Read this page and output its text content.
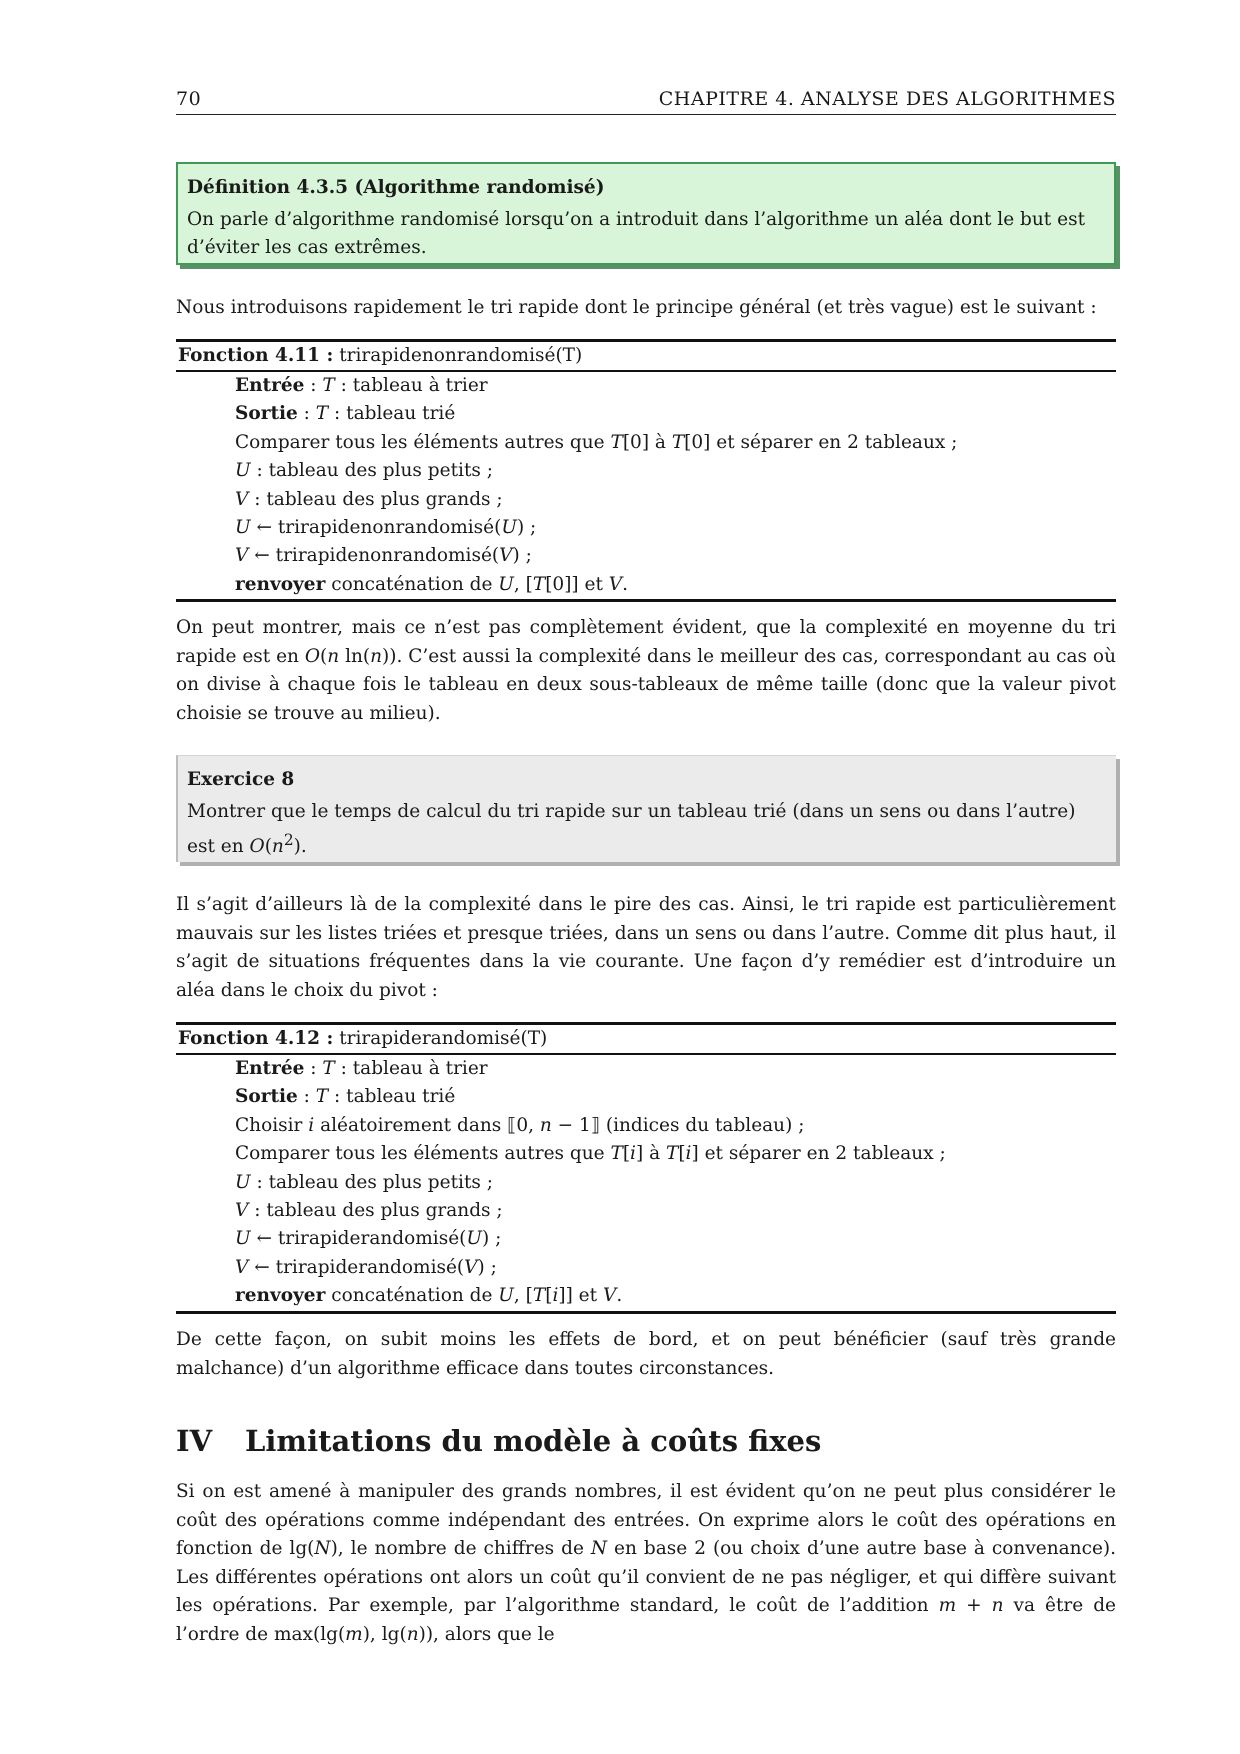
70	CHAPITRE 4. ANALYSE DES ALGORITHMES
Définition 4.3.5 (Algorithme randomisé)
On parle d’algorithme randomisé lorsqu’on a introduit dans l’algorithme un aléa dont le but est d’éviter les cas extrêmes.
Nous introduisons rapidement le tri rapide dont le principe général (et très vague) est le suivant :
Fonction 4.11 : trirapidenonrandomisé(T)
Entrée : T : tableau à trier
Sortie : T : tableau trié
Comparer tous les éléments autres que T[0] à T[0] et séparer en 2 tableaux ;
U : tableau des plus petits ;
V : tableau des plus grands ;
U ← trirapidenonrandomisé(U) ;
V ← trirapidenonrandomisé(V) ;
renvoyer concaténation de U, [T[0]] et V.
On peut montrer, mais ce n’est pas complètement évident, que la complexité en moyenne du tri rapide est en O(n ln(n)). C’est aussi la complexité dans le meilleur des cas, correspondant au cas où on divise à chaque fois le tableau en deux sous-tableaux de même taille (donc que la valeur pivot choisie se trouve au milieu).
Exercice 8
Montrer que le temps de calcul du tri rapide sur un tableau trié (dans un sens ou dans l’autre) est en $O(n^2)$.
Il s’agit d’ailleurs là de la complexité dans le pire des cas. Ainsi, le tri rapide est particulièrement mauvais sur les listes triées et presque triées, dans un sens ou dans l’autre. Comme dit plus haut, il s’agit de situations fréquentes dans la vie courante. Une façon d’y remédier est d’introduire un aléa dans le choix du pivot :
Fonction 4.12 : trirapiderandomisé(T)
Entrée : T : tableau à trier
Sortie : T : tableau trié
Choisir i aléatoirement dans ⟦0, n − 1⟧ (indices du tableau) ;
Comparer tous les éléments autres que T[i] à T[i] et séparer en 2 tableaux ;
U : tableau des plus petits ;
V : tableau des plus grands ;
U ← trirapiderandomisé(U) ;
V ← trirapiderandomisé(V) ;
renvoyer concaténation de U, [T[i]] et V.
De cette façon, on subit moins les effets de bord, et on peut bénéficier (sauf très grande malchance) d’un algorithme efficace dans toutes circonstances.
IV Limitations du modèle à coûts fixes
Si on est amené à manipuler des grands nombres, il est évident qu’on ne peut plus considérer le coût des opérations comme indépendant des entrées. On exprime alors le coût des opérations en fonction de lg(N), le nombre de chiffres de N en base 2 (ou choix d’une autre base à convenance). Les différentes opérations ont alors un coût qu’il convient de ne pas négliger, et qui diffère suivant les opérations. Par exemple, par l’algorithme standard, le coût de l’addition m + n va être de l’ordre de max(lg(m), lg(n)), alors que le
